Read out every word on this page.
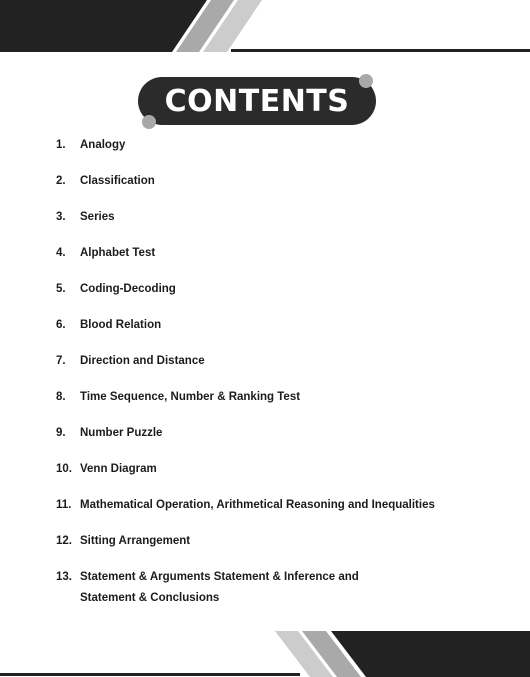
CONTENTS
1.	Analogy
2.	Classification
3.	Series
4.	Alphabet Test
5.	Coding-Decoding
6.	Blood Relation
7.	Direction and Distance
8.	Time Sequence, Number & Ranking Test
9.	Number Puzzle
10. Venn Diagram
11. Mathematical Operation, Arithmetical Reasoning and Inequalities
12. Sitting Arrangement
13. Statement & Arguments Statement & Inference and
Statement & Conclusions
